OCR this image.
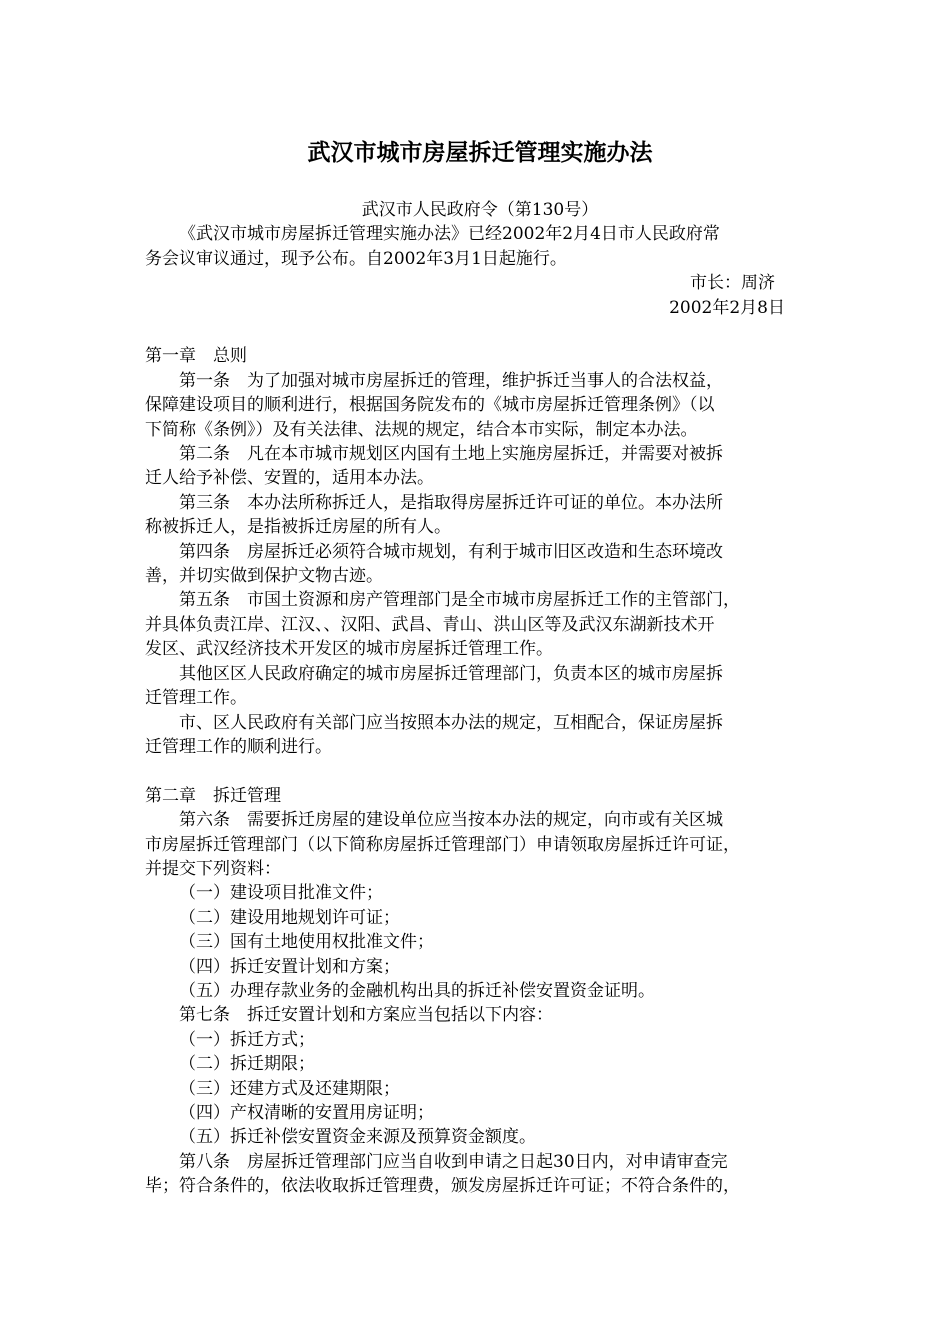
武汉市城市房屋拆迁管理实施办法
武汉市人民政府令（第130号）
《武汉市城市房屋拆迁管理实施办法》已经2002年2月4日市人民政府常
务会议审议通过，现予公布。自2002年3月1日起施行。
市长：周济
2002年2月8日
第一章　总则
第一条　为了加强对城市房屋拆迁的管理，维护拆迁当事人的合法权益，
保障建设项目的顺利进行，根据国务院发布的《城市房屋拆迁管理条例》（以
下简称《条例》）及有关法律、法规的规定，结合本市实际，制定本办法。
第二条　凡在本市城市规划区内国有土地上实施房屋拆迁，并需要对被拆
迁人给予补偿、安置的，适用本办法。
第三条　本办法所称拆迁人，是指取得房屋拆迁许可证的单位。本办法所
称被拆迁人，是指被拆迁房屋的所有人。
第四条　房屋拆迁必须符合城市规划，有利于城市旧区改造和生态环境改
善，并切实做到保护文物古迹。
第五条　市国土资源和房产管理部门是全市城市房屋拆迁工作的主管部门，
并具体负责江岸、江汉、、汉阳、武昌、青山、洪山区等及武汉东湖新技术开
发区、武汉经济技术开发区的城市房屋拆迁管理工作。
其他区区人民政府确定的城市房屋拆迁管理部门，负责本区的城市房屋拆
迁管理工作。
市、区人民政府有关部门应当按照本办法的规定，互相配合，保证房屋拆
迁管理工作的顺利进行。
第二章　拆迁管理
第六条　需要拆迁房屋的建设单位应当按本办法的规定，向市或有关区城
市房屋拆迁管理部门（以下简称房屋拆迁管理部门）申请领取房屋拆迁许可证，
并提交下列资料：
（一）建设项目批准文件；
（二）建设用地规划许可证；
（三）国有土地使用权批准文件；
（四）拆迁安置计划和方案；
（五）办理存款业务的金融机构出具的拆迁补偿安置资金证明。
第七条　拆迁安置计划和方案应当包括以下内容：
（一）拆迁方式；
（二）拆迁期限；
（三）还建方式及还建期限；
（四）产权清晰的安置用房证明；
（五）拆迁补偿安置资金来源及预算资金额度。
第八条　房屋拆迁管理部门应当自收到申请之日起30日内，对申请审查完
毕；符合条件的，依法收取拆迁管理费，颁发房屋拆迁许可证；不符合条件的，
